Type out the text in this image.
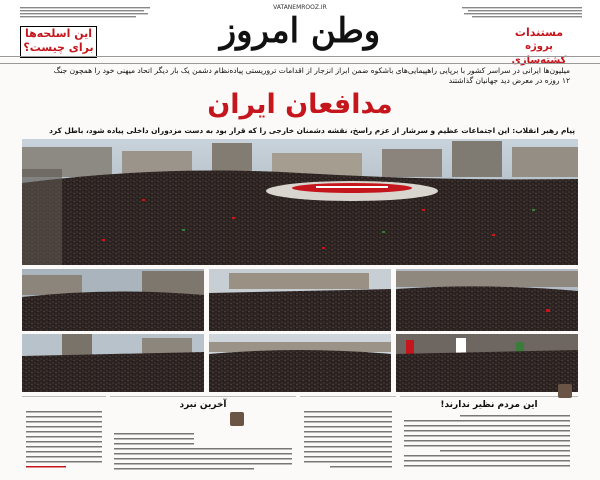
مستندات
پروژه کشته‌سازی
VATANEMROOZ.IR
وطن امروز
این اسلحه‌ها
برای چیست؟
میلیون‌ها ایرانی در سراسر کشور با برپایی راهپیمایی‌های باشکوه ضمن ابراز انزجار از اقدامات تروریستی پیاده‌نظام دشمن یک بار دیگر اتحاد میهنی خود را همچون جنگ ۱۲ روزه در معرض دید جهانیان گذاشتند
مدافعان ایران
پیام رهبر انقلاب: این اجتماعات عظیم و سرشار از عزم راسخ، نقشه دشمنان خارجی را که قرار بود به دست مزدوران داخلی پیاده شود، باطل کرد
این مردم نظیر ندارند!
آخرین نبرد
